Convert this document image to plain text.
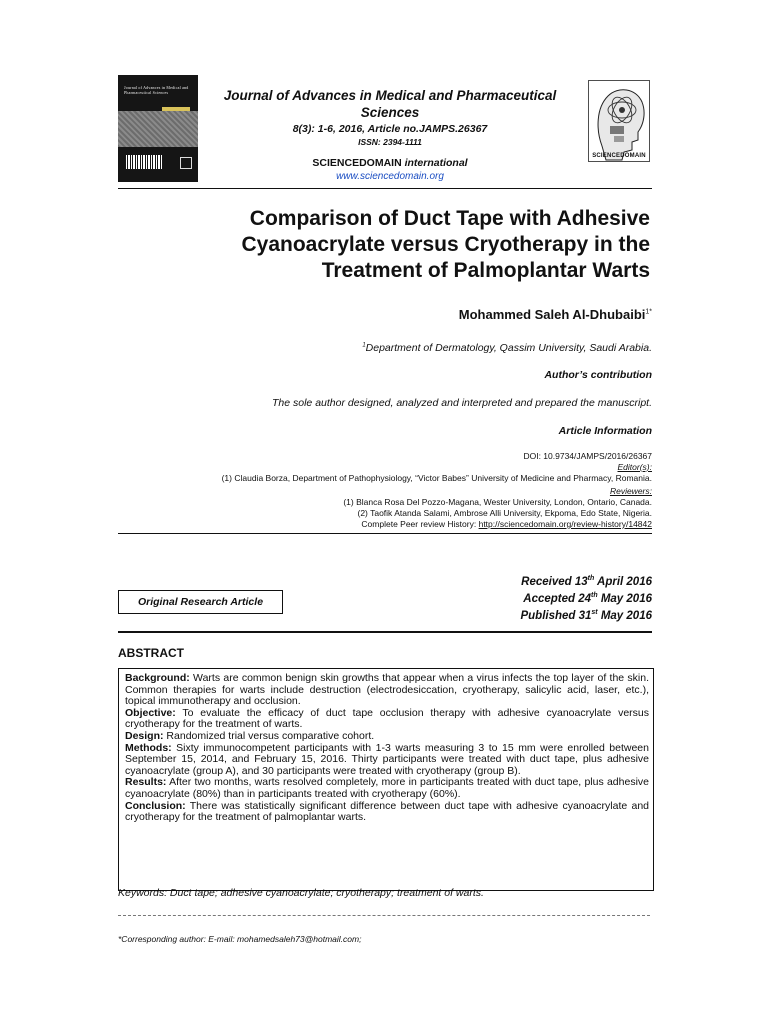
Journal of Advances in Medical and Pharmaceutical Sciences	Journal of Advances in Medical and Pharmaceutical Sciences
8(3): 1-6, 2016, Article no.JAMPS.26367
ISSN: 2394-1111
SCIENCEDOMAIN international
www.sciencedomain.org
SCIENCEDOMAIN
Comparison of Duct Tape with Adhesive
Cyanoacrylate versus Cryotherapy in the
Treatment of Palmoplantar Warts
Mohammed Saleh Al-Dhubaibi$^{1*}$
$^1$Department of Dermatology, Qassim University, Saudi Arabia.
Author’s contribution
The sole author designed, analyzed and interpreted and prepared the manuscript.
Article Information
DOI: 10.9734/JAMPS/2016/26367
Editor(s):
(1) Claudia Borza, Department of Pathophysiology, “Victor Babes” University of Medicine and Pharmacy, Romania.
Reviewers:
(1) Blanca Rosa Del Pozzo-Magana, Wester University, London, Ontario, Canada.
(2) Taofik Atanda Salami, Ambrose Alli University, Ekpoma, Edo State, Nigeria.
Complete Peer review History: http://sciencedomain.org/review-history/14842
Received 13th April 2016
Accepted 24th May 2016
Published 31st May 2016
Original Research Article
ABSTRACT

Background: Warts are common benign skin growths that appear when a virus infects the top layer of the skin. Common therapies for warts include destruction (electrodesiccation, cryotherapy, salicylic acid, laser, etc.), topical immunotherapy and occlusion.

Objective: To evaluate the efficacy of duct tape occlusion therapy with adhesive cyanoacrylate versus cryotherapy for the treatment of warts.

Design: Randomized trial versus comparative cohort.

Methods: Sixty immunocompetent participants with 1-3 warts measuring 3 to 15 mm were enrolled between September 15, 2014, and February 15, 2016. Thirty participants were treated with duct tape, plus adhesive cyanoacrylate (group A), and 30 participants were treated with cryotherapy (group B).

Results: After two months, warts resolved completely, more in participants treated with duct tape, plus adhesive cyanoacrylate (80%) than in participants treated with cryotherapy (60%).

Conclusion: There was statistically significant difference between duct tape with adhesive cyanoacrylate and cryotherapy for the treatment of palmoplantar warts.

Keywords: Duct tape; adhesive cyanoacrylate; cryotherapy; treatment of warts.
*Corresponding author: E-mail: mohamedsaleh73@hotmail.com;
